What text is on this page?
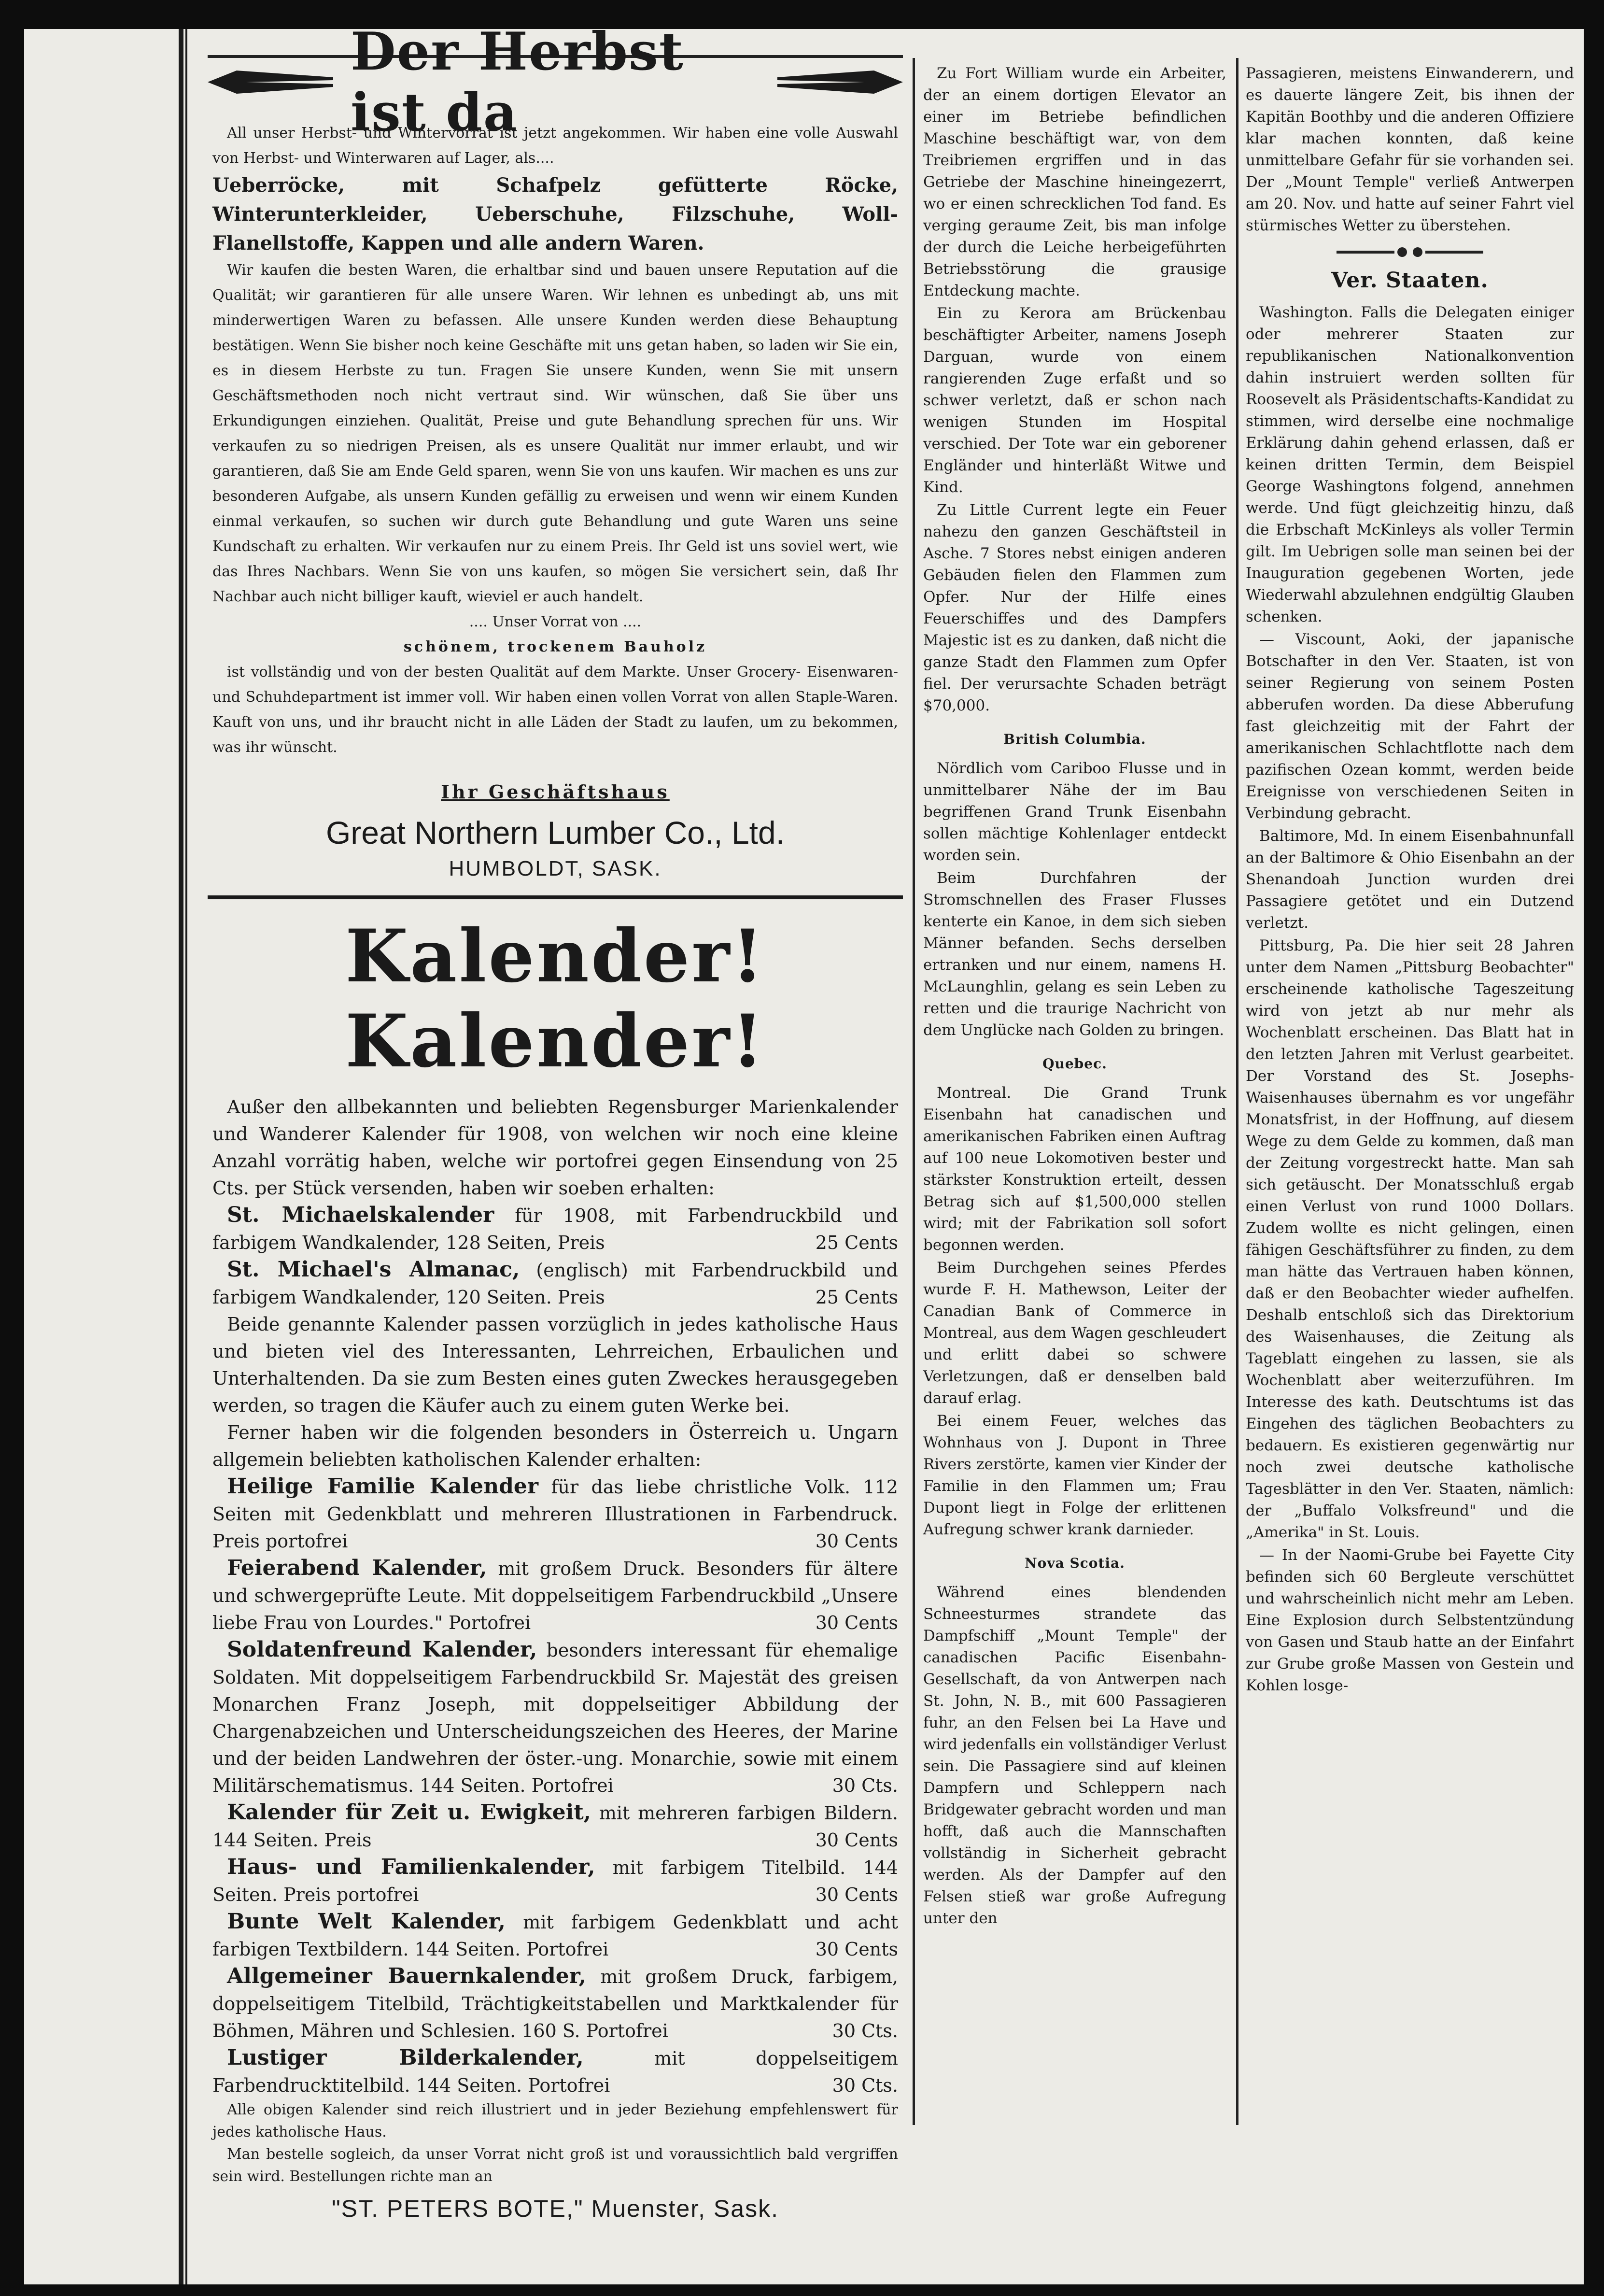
Der Herbst ist da

All unser Herbst- und Wintervorrat ist jetzt angekommen. Wir haben eine volle Auswahl von Herbst- und Winterwaren auf Lager, als....

Ueberröcke, mit Schafpelz gefütterte Röcke, Winterunterkleider, Ueberschuhe, Filzschuhe, Woll-Flanellstoffe, Kappen und alle andern Waren.

Wir kaufen die besten Waren, die erhaltbar sind und bauen unsere Reputation auf die Qualität; wir garantieren für alle unsere Waren. Wir lehnen es unbedingt ab, uns mit minderwertigen Waren zu befassen. Alle unsere Kunden werden diese Behauptung bestätigen. Wenn Sie bisher noch keine Geschäfte mit uns getan haben, so laden wir Sie ein, es in diesem Herbste zu tun. Fragen Sie unsere Kunden, wenn Sie mit unsern Geschäftsmethoden noch nicht vertraut sind. Wir wünschen, daß Sie über uns Erkundigungen einziehen. Qualität, Preise und gute Behandlung sprechen für uns. Wir verkaufen zu so niedrigen Preisen, als es unsere Qualität nur immer erlaubt, und wir garantieren, daß Sie am Ende Geld sparen, wenn Sie von uns kaufen. Wir machen es uns zur besonderen Aufgabe, als unsern Kunden gefällig zu erweisen und wenn wir einem Kunden einmal verkaufen, so suchen wir durch gute Behandlung und gute Waren uns seine Kundschaft zu erhalten. Wir verkaufen nur zu einem Preis. Ihr Geld ist uns soviel wert, wie das Ihres Nachbars. Wenn Sie von uns kaufen, so mögen Sie versichert sein, daß Ihr Nachbar auch nicht billiger kauft, wieviel er auch handelt.

.... Unser Vorrat von ....

schönem, trockenem Bauholz

ist vollständig und von der besten Qualität auf dem Markte. Unser Grocery- Eisenwaren- und Schuhdepartment ist immer voll. Wir haben einen vollen Vorrat von allen Staple-Waren. Kauft von uns, und ihr braucht nicht in alle Läden der Stadt zu laufen, um zu bekommen, was ihr wünscht.

Ihr Geschäftshaus

Great Northern Lumber Co., Ltd.
HUMBOLDT, SASK.
Kalender! Kalender!

Außer den allbekannten und beliebten Regensburger Marienkalender und Wanderer Kalender für 1908, von welchen wir noch eine kleine Anzahl vorrätig haben, welche wir portofrei gegen Einsendung von 25 Cts. per Stück versenden, haben wir soeben erhalten:

St. Michaelskalender für 1908, mit Farbendruckbild und farbigem Wandkalender, 128 Seiten, Preis	25 Cents

St. Michael's Almanac, (englisch) mit Farbendruckbild und farbigem Wandkalender, 120 Seiten. Preis	25 Cents

Beide genannte Kalender passen vorzüglich in jedes katholische Haus und bieten viel des Interessanten, Lehrreichen, Erbaulichen und Unterhaltenden. Da sie zum Besten eines guten Zweckes herausgegeben werden, so tragen die Käufer auch zu einem guten Werke bei.

Ferner haben wir die folgenden besonders in Österreich u. Ungarn allgemein beliebten katholischen Kalender erhalten:

Heilige Familie Kalender für das liebe christliche Volk. 112 Seiten mit Gedenkblatt und mehreren Illustrationen in Farbendruck. Preis portofrei	30 Cents

Feierabend Kalender, mit großem Druck. Besonders für ältere und schwergeprüfte Leute. Mit doppelseitigem Farbendruckbild „Unsere liebe Frau von Lourdes." Portofrei	30 Cents

Soldatenfreund Kalender, besonders interessant für ehemalige Soldaten. Mit doppelseitigem Farbendruckbild Sr. Majestät des greisen Monarchen Franz Joseph, mit doppelseitiger Abbildung der Chargenabzeichen und Unterscheidungszeichen des Heeres, der Marine und der beiden Landwehren der öster.-ung. Monarchie, sowie mit einem Militärschematismus. 144 Seiten. Portofrei	30 Cts.

Kalender für Zeit u. Ewigkeit, mit mehreren farbigen Bildern. 144 Seiten. Preis	30 Cents

Haus- und Familienkalender, mit farbigem Titelbild. 144 Seiten. Preis portofrei	30 Cents

Bunte Welt Kalender, mit farbigem Gedenkblatt und acht farbigen Textbildern. 144 Seiten. Portofrei	30 Cents

Allgemeiner Bauernkalender, mit großem Druck, farbigem, doppelseitigem Titelbild, Trächtigkeitstabellen und Marktkalender für Böhmen, Mähren und Schlesien. 160 S. Portofrei	30 Cts.

Lustiger Bilderkalender,	mit doppelseitigem Farbendrucktitelbild. 144 Seiten. Portofrei	30 Cts.

Alle obigen Kalender sind reich illustriert und in jeder Beziehung empfehlenswert für jedes katholische Haus.

Man bestelle sogleich, da unser Vorrat nicht groß ist und voraussichtlich bald vergriffen sein wird. Bestellungen richte man an

"ST. PETERS BOTE," Muenster, Sask.

Zu Fort William wurde ein Arbeiter, der an einem dortigen Elevator an einer im Betriebe befindlichen Maschine beschäftigt war, von dem Treibriemen ergriffen und in das Getriebe der Maschine hineingezerrt, wo er einen schrecklichen Tod fand. Es verging geraume Zeit, bis man infolge der durch die Leiche herbeigeführten Betriebsstörung die grausige Entdeckung machte.

Ein zu Kerora am Brückenbau beschäftigter Arbeiter, namens Joseph Darguan, wurde von einem rangierenden Zuge erfaßt und so schwer verletzt, daß er schon nach wenigen Stunden im Hospital verschied. Der Tote war ein geborener Engländer und hinterläßt Witwe und Kind.

Zu Little Current legte ein Feuer nahezu den ganzen Geschäftsteil in Asche. 7 Stores nebst einigen anderen Gebäuden fielen den Flammen zum Opfer. Nur der Hilfe eines Feuerschiffes und des Dampfers Majestic ist es zu danken, daß nicht die ganze Stadt den Flammen zum Opfer fiel. Der verursachte Schaden beträgt $70,000.

British Columbia.

Nördlich vom Cariboo Flusse und in unmittelbarer Nähe der im Bau begriffenen Grand Trunk Eisenbahn sollen mächtige Kohlenlager entdeckt worden sein.

Beim Durchfahren der Stromschnellen des Fraser Flusses kenterte ein Kanoe, in dem sich sieben Männer befanden. Sechs derselben ertranken und nur einem, namens H. McLaunghlin, gelang es sein Leben zu retten und die traurige Nachricht von dem Unglücke nach Golden zu bringen.

Quebec.

Montreal. Die Grand Trunk Eisenbahn hat canadischen und amerikanischen Fabriken einen Auftrag auf 100 neue Lokomotiven bester und stärkster Konstruktion erteilt, dessen Betrag sich auf $1,500,000 stellen wird; mit der Fabrikation soll sofort begonnen werden.

Beim Durchgehen seines Pferdes wurde F. H. Mathewson, Leiter der Canadian Bank of Commerce in Montreal, aus dem Wagen geschleudert und erlitt dabei so schwere Verletzungen, daß er denselben bald darauf erlag.

Bei einem Feuer, welches das Wohnhaus von J. Dupont in Three Rivers zerstörte, kamen vier Kinder der Familie in den Flammen um; Frau Dupont liegt in Folge der erlittenen Aufregung schwer krank darnieder.

Nova Scotia.

Während eines blendenden Schneesturmes strandete das Dampfschiff „Mount Temple" der canadischen Pacific Eisenbahn-Gesellschaft, da von Antwerpen nach St. John, N. B., mit 600 Passagieren fuhr, an den Felsen bei La Have und wird jedenfalls ein vollständiger Verlust sein. Die Passagiere sind auf kleinen Dampfern und Schleppern nach Bridgewater gebracht worden und man hofft, daß auch die Mannschaften vollständig in Sicherheit gebracht werden. Als der Dampfer auf den Felsen stieß war große Aufregung unter den

Passagieren, meistens Einwanderern, und es dauerte längere Zeit, bis ihnen der Kapitän Boothby und die anderen Offiziere klar machen konnten, daß keine unmittelbare Gefahr für sie vorhanden sei. Der „Mount Temple" verließ Antwerpen am 20. Nov. und hatte auf seiner Fahrt viel stürmisches Wetter zu überstehen.

Ver. Staaten.

Washington. Falls die Delegaten einiger oder mehrerer Staaten zur republikanischen Nationalkonvention dahin instruiert werden sollten für Roosevelt als Präsidentschafts-Kandidat zu stimmen, wird derselbe eine nochmalige Erklärung dahin gehend erlassen, daß er keinen dritten Termin, dem Beispiel George Washingtons folgend, annehmen werde. Und fügt gleichzeitig hinzu, daß die Erbschaft McKinleys als voller Termin gilt. Im Uebrigen solle man seinen bei der Inauguration gegebenen Worten, jede Wiederwahl abzulehnen endgültig Glauben schenken.

— Viscount, Aoki, der japanische Botschafter in den Ver. Staaten, ist von seiner Regierung von seinem Posten abberufen worden. Da diese Abberufung fast gleichzeitig mit der Fahrt der amerikanischen Schlachtflotte nach dem pazifischen Ozean kommt, werden beide Ereignisse von verschiedenen Seiten in Verbindung gebracht.

Baltimore, Md. In einem Eisenbahnunfall an der Baltimore & Ohio Eisenbahn an der Shenandoah Junction wurden drei Passagiere getötet und ein Dutzend verletzt.

Pittsburg, Pa. Die hier seit 28 Jahren unter dem Namen „Pittsburg Beobachter" erscheinende katholische Tageszeitung wird von jetzt ab nur mehr als Wochenblatt erscheinen. Das Blatt hat in den letzten Jahren mit Verlust gearbeitet. Der Vorstand des St. Josephs-Waisenhauses übernahm es vor ungefähr Monatsfrist, in der Hoffnung, auf diesem Wege zu dem Gelde zu kommen, daß man der Zeitung vorgestreckt hatte. Man sah sich getäuscht. Der Monatsschluß ergab einen Verlust von rund 1000 Dollars. Zudem wollte es nicht gelingen, einen fähigen Geschäftsführer zu finden, zu dem man hätte das Vertrauen haben können, daß er den Beobachter wieder aufhelfen. Deshalb entschloß sich das Direktorium des Waisenhauses, die Zeitung als Tageblatt eingehen zu lassen, sie als Wochenblatt aber weiterzuführen. Im Interesse des kath. Deutschtums ist das Eingehen des täglichen Beobachters zu bedauern. Es existieren gegenwärtig nur noch zwei deutsche katholische Tagesblätter in den Ver. Staaten, nämlich: der „Buffalo Volksfreund" und die „Amerika" in St. Louis.

— In der Naomi-Grube bei Fayette City befinden sich 60 Bergleute verschüttet und wahrscheinlich nicht mehr am Leben. Eine Explosion durch Selbstentzündung von Gasen und Staub hatte an der Einfahrt zur Grube große Massen von Gestein und Kohlen losge-
